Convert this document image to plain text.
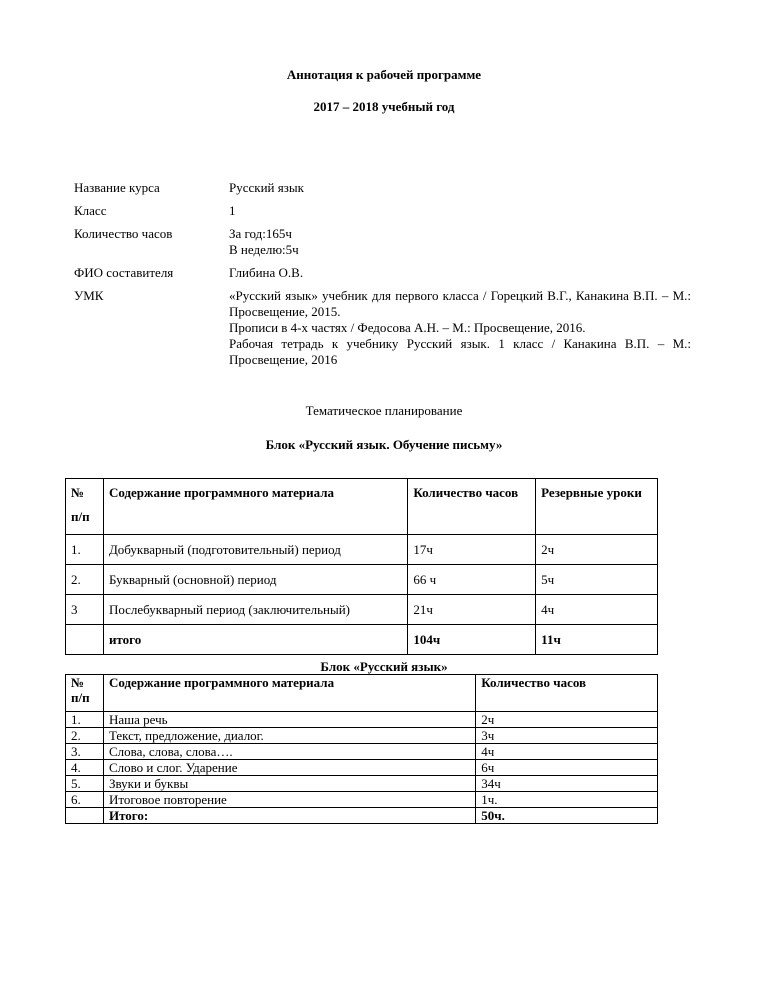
Аннотация к рабочей программе
2017 – 2018 учебный год
Название курса	Русский язык
Класс	1
Количество часов	За год:165ч

В неделю:5ч

ФИО составителя	Глибина О.В.
УМК	«Русский язык» учебник для первого класса / Горецкий В.Г., Канакина В.П. – М.: Просвещение, 2015.

Прописи в 4-х частях / Федосова А.Н. – М.: Просвещение, 2016.

Рабочая тетрадь к учебнику Русский язык. 1 класс / Канакина В.П. – М.: Просвещение, 2016

Тематическое планирование
Блок «Русский язык. Обучение письму»
№
п/п	Содержание программного материала	Количество часов	Резервные уроки
1.	Добукварный (подготовительный) период	17ч	2ч
2.	Букварный (основной) период	66 ч	5ч
3	Послебукварный период (заключительный)	21ч	4ч
	итого	104ч	11ч
Блок «Русский язык»
№
п/п	Содержание программного материала	Количество часов
1.	Наша речь	2ч
2.	Текст, предложение, диалог.	3ч
3.	Слова, слова, слова….	4ч
4.	Слово и слог. Ударение	6ч
5.	Звуки и буквы	34ч
6.	Итоговое повторение	1ч.
	Итого:	50ч.
